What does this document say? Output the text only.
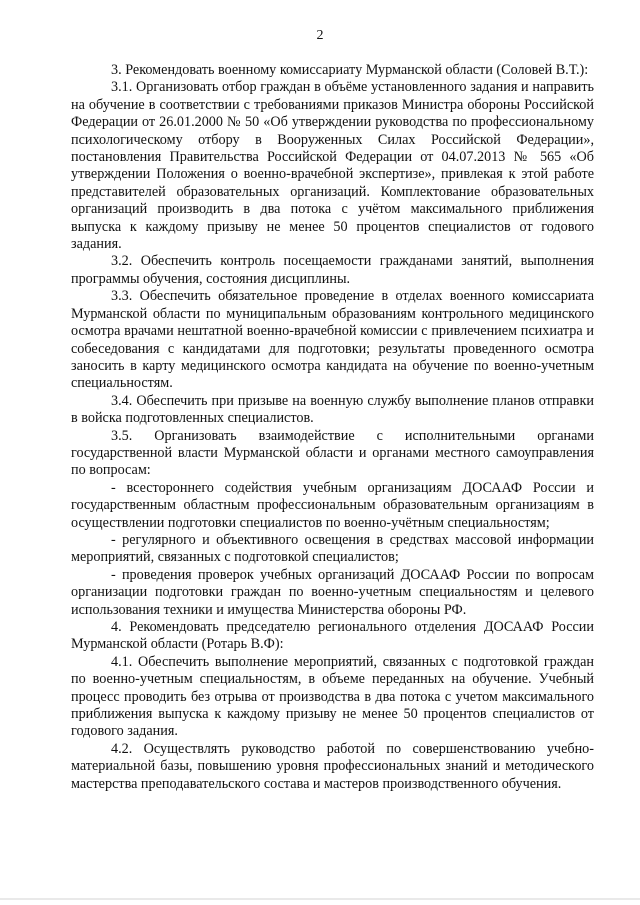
2

3. Рекомендовать военному комиссариату Мурманской области (Соловей В.Т.):

3.1. Организовать отбор граждан в объёме установленного задания и направить на обучение в соответствии с требованиями приказов Министра обороны Российской Федерации от 26.01.2000 № 50 «Об утверждении руководства по профессиональному психологическому отбору в Вооруженных Силах Российской Федерации», постановления Правительства Российской Федерации от 04.07.2013 № 565 «Об утверждении Положения о военно-врачебной экспертизе», привлекая к этой работе представителей образовательных организаций. Комплектование образовательных организаций производить в два потока с учётом максимального приближения выпуска к каждому призыву не менее 50 процентов специалистов от годового задания.

3.2. Обеспечить контроль посещаемости гражданами занятий, выполнения программы обучения, состояния дисциплины.

3.3. Обеспечить обязательное проведение в отделах военного комиссариата Мурманской области по муниципальным образованиям контрольного медицинского осмотра врачами нештатной военно-врачебной комиссии с привлечением психиатра и собеседования с кандидатами для подготовки; результаты проведенного осмотра заносить в карту медицинского осмотра кандидата на обучение по военно-учетным специальностям.

3.4. Обеспечить при призыве на военную службу выполнение планов отправки в войска подготовленных специалистов.

3.5. Организовать взаимодействие с исполнительными органами государственной власти Мурманской области и органами местного самоуправления по вопросам:

- всестороннего содействия учебным организациям ДОСААФ России и государственным областным профессиональным образовательным организациям в осуществлении подготовки специалистов по военно-учётным специальностям;

- регулярного и объективного освещения в средствах массовой информации мероприятий, связанных с подготовкой специалистов;

- проведения проверок учебных организаций ДОСААФ России по вопросам организации подготовки граждан по военно-учетным специальностям и целевого использования техники и имущества Министерства обороны РФ.

4. Рекомендовать председателю регионального отделения ДОСААФ России Мурманской области (Ротарь В.Ф):

4.1. Обеспечить выполнение мероприятий, связанных с подготовкой граждан по военно-учетным специальностям, в объеме переданных на обучение. Учебный процесс проводить без отрыва от производства в два потока с учетом максимального приближения выпуска к каждому призыву не менее 50 процентов специалистов от годового задания.

4.2. Осуществлять руководство работой по совершенствованию учебно-материальной базы, повышению уровня профессиональных знаний и методического мастерства преподавательского состава и мастеров производственного обучения.
